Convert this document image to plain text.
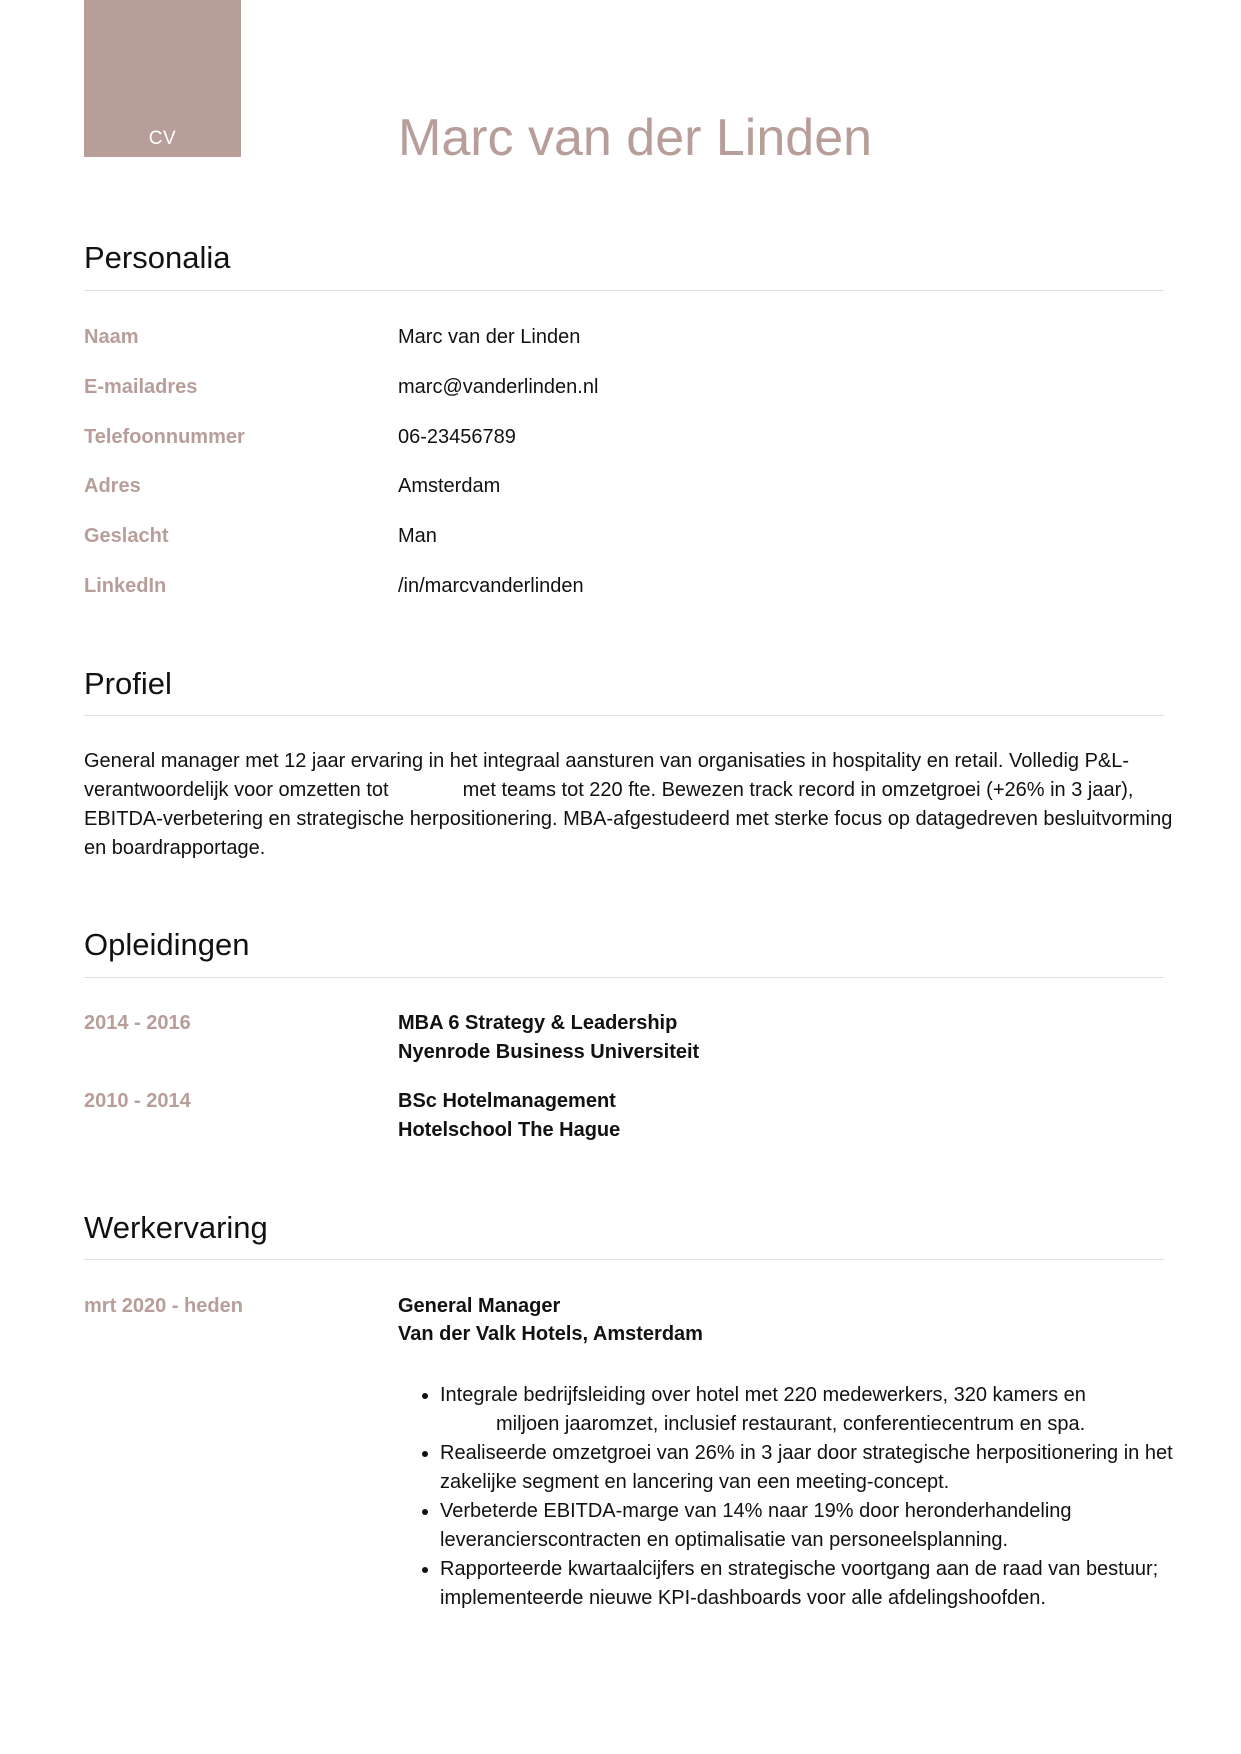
CV	Marc van der Linden
Personalia
Naam	Marc van der Linden
E-mailadres	marc@vanderlinden.nl
Telefoonnummer	06-23456789
Adres	Amsterdam
Geslacht	Man
LinkedIn	/in/marcvanderlinden
Profiel

General manager met 12 jaar ervaring in het integraal aansturen van organisaties in hospitality en retail. Volledig P&L-verantwoordelijk voor omzetten tot	met teams tot 220 fte. Bewezen track record in omzetgroei (+26% in 3 jaar), EBITDA-verbetering en strategische herpositionering. MBA-afgestudeerd met sterke focus op datagedreven besluitvorming en boardrapportage.

Opleidingen
2014 - 2016	MBA 6 Strategy & Leadership
Nyenrode Business Universiteit
2010 - 2014	BSc Hotelmanagement
Hotelschool The Hague
Werkervaring
mrt 2020 - heden	General Manager
Van der Valk Hotels, Amsterdam
• Integrale bedrijfsleiding over hotel met 220 medewerkers, 320 kamers en
miljoen jaaromzet, inclusief restaurant, conferentiecentrum en spa.
• Realiseerde omzetgroei van 26% in 3 jaar door strategische herpositionering in het zakelijke segment en lancering van een meeting-concept.
• Verbeterde EBITDA-marge van 14% naar 19% door heronderhandeling leverancierscontracten en optimalisatie van personeelsplanning.
• Rapporteerde kwartaalcijfers en strategische voortgang aan de raad van bestuur; implementeerde nieuwe KPI-dashboards voor alle afdelingshoofden.
